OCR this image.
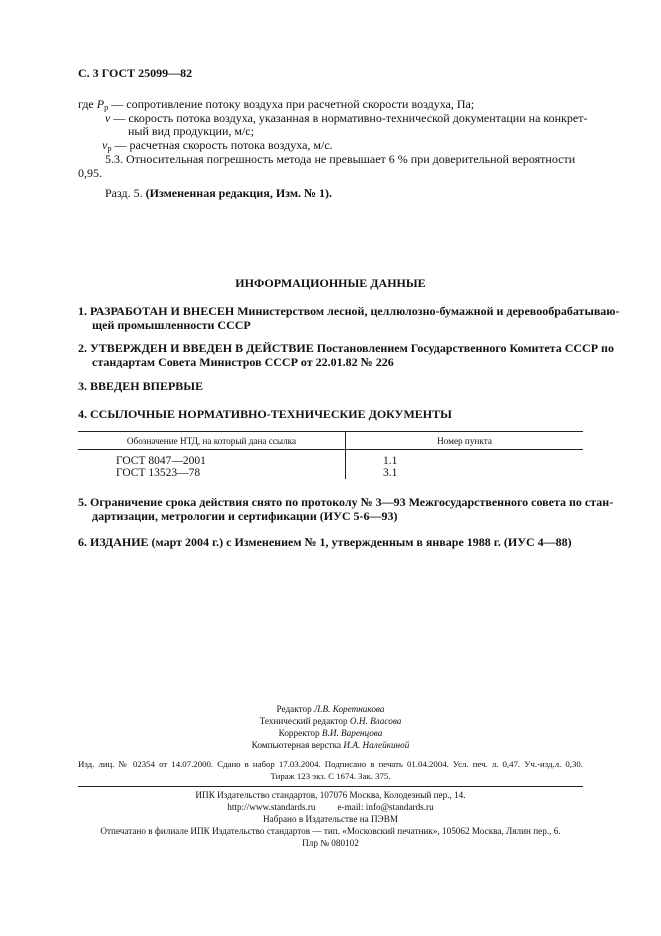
С. 3 ГОСТ 25099—82
где $P_р$ — сопротивление потоку воздуха при расчетной скорости воздуха, Па;
v — скорость потока воздуха, указанная в нормативно-технической документации на конкрет-
ный вид продукции, м/с;
$v_р$ — расчетная скорость потока воздуха, м/с.
5.3. Относительная погрешность метода не превышает 6 % при доверительной вероятности
0,95.
Разд. 5. (Измененная редакция, Изм. № 1).
ИНФОРМАЦИОННЫЕ ДАННЫЕ
1. РАЗРАБОТАН И ВНЕСЕН Министерством лесной, целлюлозно-бумажной и деревообрабатываю-
щей промышленности СССР
2. УТВЕРЖДЕН И ВВЕДЕН В ДЕЙСТВИЕ Постановлением Государственного Комитета СССР по
стандартам Совета Министров СССР от 22.01.82 № 226
3. ВВЕДЕН ВПЕРВЫЕ
4. ССЫЛОЧНЫЕ НОРМАТИВНО-ТЕХНИЧЕСКИЕ ДОКУМЕНТЫ
Обозначение НТД, на который дана ссылка	Номер пункта
ГОСТ 8047—2001	1.1
ГОСТ 13523—78	3.1
5. Ограничение срока действия снято по протоколу № 3—93 Межгосударственного совета по стан-
дартизации, метрологии и сертификации (ИУС 5-6—93)
6. ИЗДАНИЕ (март 2004 г.) с Изменением № 1, утвержденным в январе 1988 г. (ИУС 4—88)
Редактор Л.В. Коретникова
Технический редактор О.Н. Власова
Корректор В.И. Варенцова
Компьютерная верстка И.А. Налейкиной
Изд. лиц. № 02354 от 14.07.2000. Сдано в набор 17.03.2004. Подписано в печать 01.04.2004. Усл. печ. л. 0,47. Уч.-изд.л. 0,30.
Тираж 123 экз. С 1674. Зак. 375.
ИПК Издательство стандартов, 107076 Москва, Колодезный пер., 14.
http://www.standards.ru e-mail: info@standards.ru
Набрано в Издательстве на ПЭВМ
Отпечатано в филиале ИПК Издательство стандартов — тип. «Московский печатник», 105062 Москва, Лялин пер., 6.
Плр № 080102
